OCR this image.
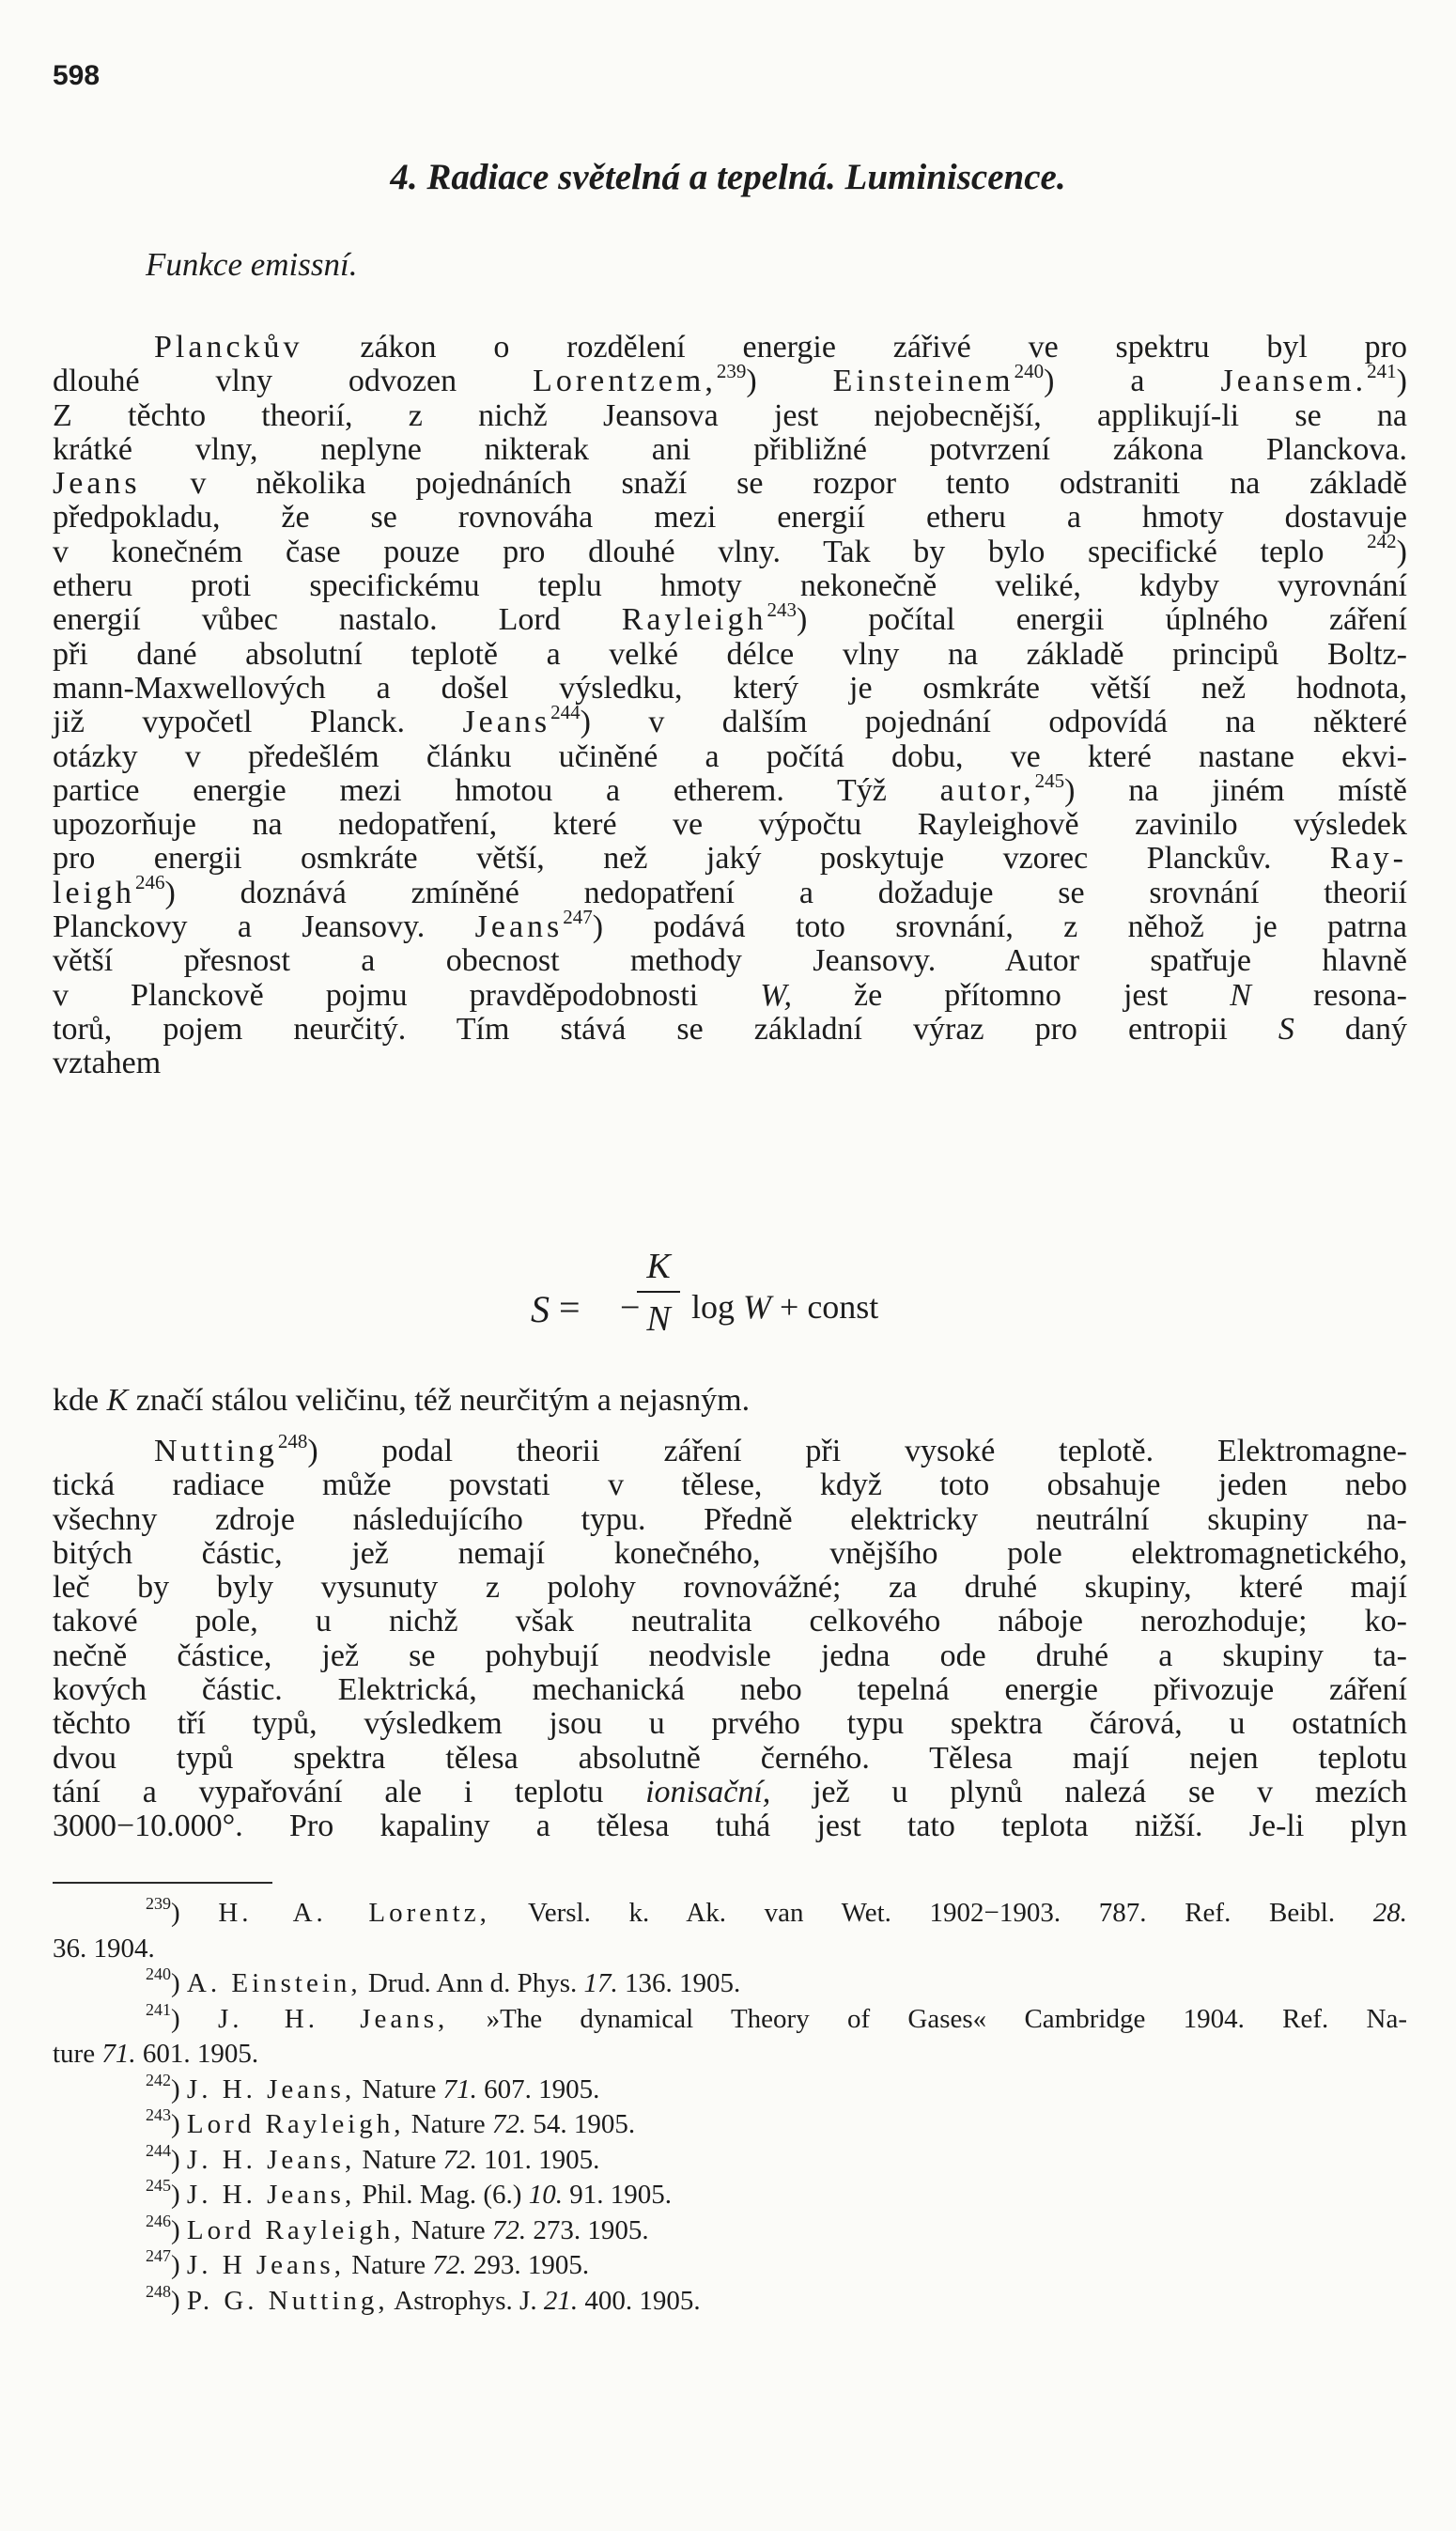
598
4. Radiace světelná a tepelná. Luminiscence.
Funkce emissní.
Planckův zákon o rozdělení energie zářivé ve spektru byl pro
dlouhé vlny odvozen Lorentzem,$^{239}$) Einsteinem$^{240}$) a Jeansem.$^{241}$)
Z těchto theorií, z nichž Jeansova jest nejobecnější, applikují-li se na
krátké vlny, neplyne nikterak ani přibližné potvrzení zákona Planckova.
Jeans v několika pojednáních snaží se rozpor tento odstraniti na základě
předpokladu, že se rovnováha mezi energií etheru a hmoty dostavuje
v konečném čase pouze pro dlouhé vlny. Tak by bylo specifické teplo $^{242}$)
etheru proti specifickému teplu hmoty nekonečně veliké, kdyby vyrovnání
energií vůbec nastalo. Lord Rayleigh$^{243}$) počítal energii úplného záření
při dané absolutní teplotě a velké délce vlny na základě principů Boltz-
mann-Maxwellových a došel výsledku, který je osmkráte větší než hodnota,
již vypočetl Planck. Jeans$^{244}$) v dalším pojednání odpovídá na některé
otázky v předešlém článku učiněné a počítá dobu, ve které nastane ekvi-
partice energie mezi hmotou a etherem. Týž autor,$^{245}$) na jiném místě
upozorňuje na nedopatření, které ve výpočtu Rayleighově zavinilo výsledek
pro energii osmkráte větší, než jaký poskytuje vzorec Planckův. Ray-
leigh$^{246}$) doznává zmíněné nedopatření a dožaduje se srovnání theorií
Planckovy a Jeansovy. Jeans$^{247}$) podává toto srovnání, z něhož je patrna
větší přesnost a obecnost methody Jeansovy. Autor spatřuje hlavně
v Planckově pojmu pravděpodobnosti W, že přítomno jest N resona-
torů, pojem neurčitý. Tím stává se základní výraz pro entropii S daný
vztahem
S = −
K
N log W + const
kde K značí stálou veličinu, též neurčitým a nejasným.
Nutting$^{248}$) podal theorii záření při vysoké teplotě. Elektromagne-
tická radiace může povstati v tělese, když toto obsahuje jeden nebo
všechny zdroje následujícího typu. Předně elektricky neutrální skupiny na-
bitých částic, jež nemají konečného, vnějšího pole elektromagnetického,
leč by byly vysunuty z polohy rovnovážné; za druhé skupiny, které mají
takové pole, u nichž však neutralita celkového náboje nerozhoduje; ko-
nečně částice, jež se pohybují neodvisle jedna ode druhé a skupiny ta-
kových částic. Elektrická, mechanická nebo tepelná energie přivozuje záření
těchto tří typů, výsledkem jsou u prvého typu spektra čárová, u ostatních
dvou typů spektra tělesa absolutně černého. Tělesa mají nejen teplotu
tání a vypařování ale i teplotu ionisační, jež u plynů nalezá se v mezích
3000−10.000°. Pro kapaliny a tělesa tuhá jest tato teplota nižší. Je-li plyn
$^{239}$) H. A. Lorentz, Versl. k. Ak. van Wet. 1902−1903. 787. Ref. Beibl. 28.
36. 1904.
$^{240}$) A. Einstein, Drud. Ann d. Phys. 17. 136. 1905.
$^{241}$) J. H. Jeans, »The dynamical Theory of Gases« Cambridge 1904. Ref. Na-
ture 71. 601. 1905.
$^{242}$) J. H. Jeans, Nature 71. 607. 1905.
$^{243}$) Lord Rayleigh, Nature 72. 54. 1905.
$^{244}$) J. H. Jeans, Nature 72. 101. 1905.
$^{245}$) J. H. Jeans, Phil. Mag. (6.) 10. 91. 1905.
$^{246}$) Lord Rayleigh, Nature 72. 273. 1905.
$^{247}$) J. H Jeans, Nature 72. 293. 1905.
$^{248}$) P. G. Nutting, Astrophys. J. 21. 400. 1905.
